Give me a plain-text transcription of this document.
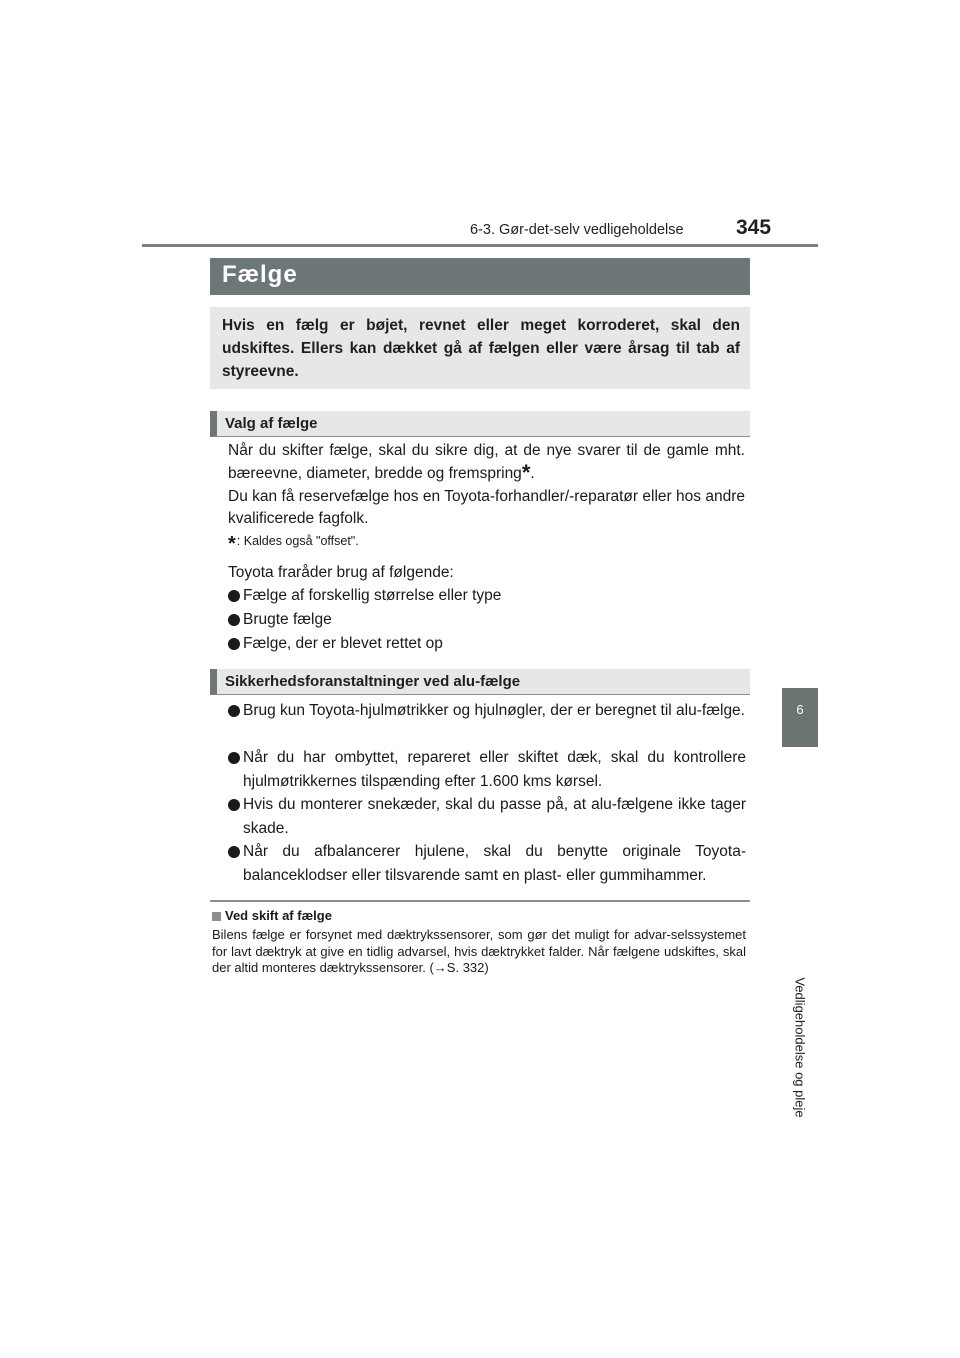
6-3. Gør-det-selv vedligeholdelse	345
6
Vedligeholdelse og pleje
Fælge
Hvis en fælg er bøjet, revnet eller meget korroderet, skal den udskiftes. Ellers kan dækket gå af fælgen eller være årsag til tab af styreevne.
Valg af fælge
Når du skifter fælge, skal du sikre dig, at de nye svarer til de gamle mht. bæreevne, diameter, bredde og fremspring*.
Du kan få reservefælge hos en Toyota-forhandler/-reparatør eller hos andre kvalificerede fagfolk.
*: Kaldes også "offset".
Toyota fraråder brug af følgende:
Fælge af forskellig størrelse eller type
Brugte fælge
Fælge, der er blevet rettet op
Sikkerhedsforanstaltninger ved alu-fælge
Brug kun Toyota-hjulmøtrikker og hjulnøgler, der er beregnet til alu-fælge.
Når du har ombyttet, repareret eller skiftet dæk, skal du kontrollere hjulmøtrikkernes tilspænding efter 1.600 kms kørsel.
Hvis du monterer snekæder, skal du passe på, at alu-fælgene ikke tager skade.
Når du afbalancerer hjulene, skal du benytte originale Toyota-balanceklodser eller tilsvarende samt en plast- eller gummihammer.
Ved skift af fælge
Bilens fælge er forsynet med dæktrykssensorer, som gør det muligt for advar-selssystemet for lavt dæktryk at give en tidlig advarsel, hvis dæktrykket falder. Når fælgene udskiftes, skal der altid monteres dæktrykssensorer. (→S. 332)
